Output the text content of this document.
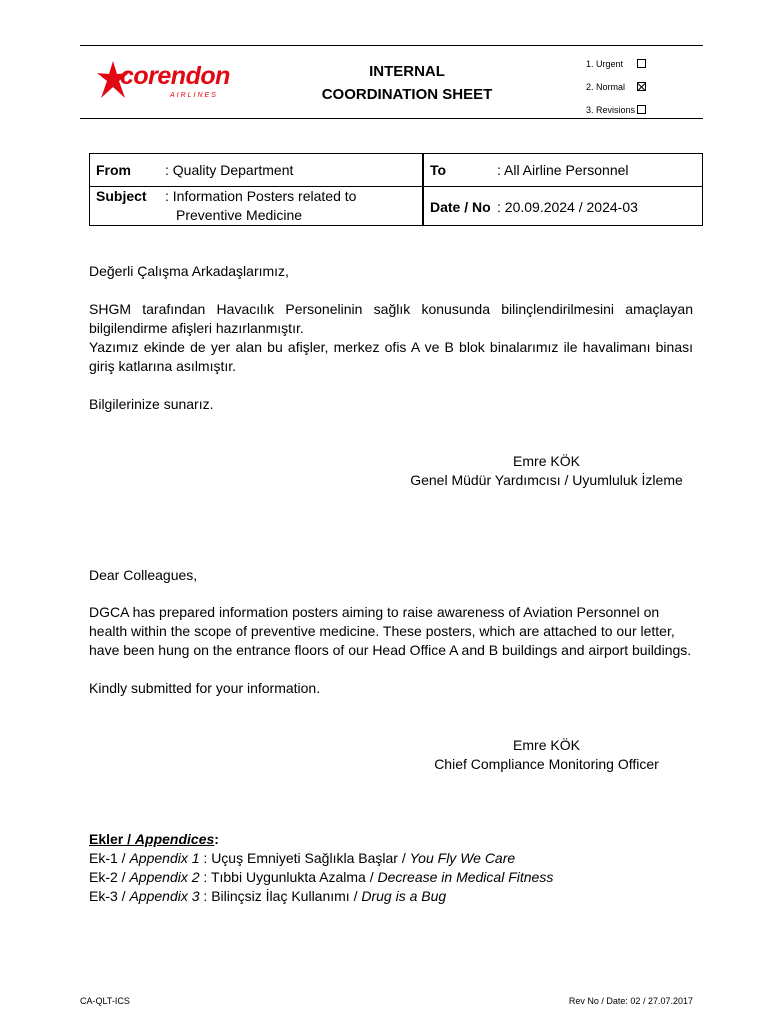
corendon
AIRLINES
INTERNAL
COORDINATION SHEET
1. Urgent
2. Normal
3. Revisions
From : Quality Department	To	: All Airline Personnel
Subject : Information Posters related to
Preventive Medicine	Date / No : 20.09.2024 / 2024-03
Değerli Çalışma Arkadaşlarımız,
SHGM tarafından Havacılık Personelinin sağlık konusunda bilinçlendirilmesini amaçlayan bilgilendirme afişleri hazırlanmıştır.
Yazımız ekinde de yer alan bu afişler, merkez ofis A ve B blok binalarımız ile havalimanı binası giriş katlarına asılmıştır.
Bilgilerinize sunarız.
Emre KÖK
Genel Müdür Yardımcısı / Uyumluluk İzleme
Dear Colleagues,
DGCA has prepared information posters aiming to raise awareness of Aviation Personnel on health within the scope of preventive medicine. These posters, which are attached to our letter, have been hung on the entrance floors of our Head Office A and B buildings and airport buildings.
Kindly submitted for your information.
Emre KÖK
Chief Compliance Monitoring Officer
Ekler / Appendices:
Ek-1 / Appendix 1 : Uçuş Emniyeti Sağlıkla Başlar / You Fly We Care
Ek-2 / Appendix 2 : Tıbbi Uygunlukta Azalma / Decrease in Medical Fitness
Ek-3 / Appendix 3 : Bilinçsiz İlaç Kullanımı / Drug is a Bug
CA-QLT-ICS	Rev No / Date: 02 / 27.07.2017
